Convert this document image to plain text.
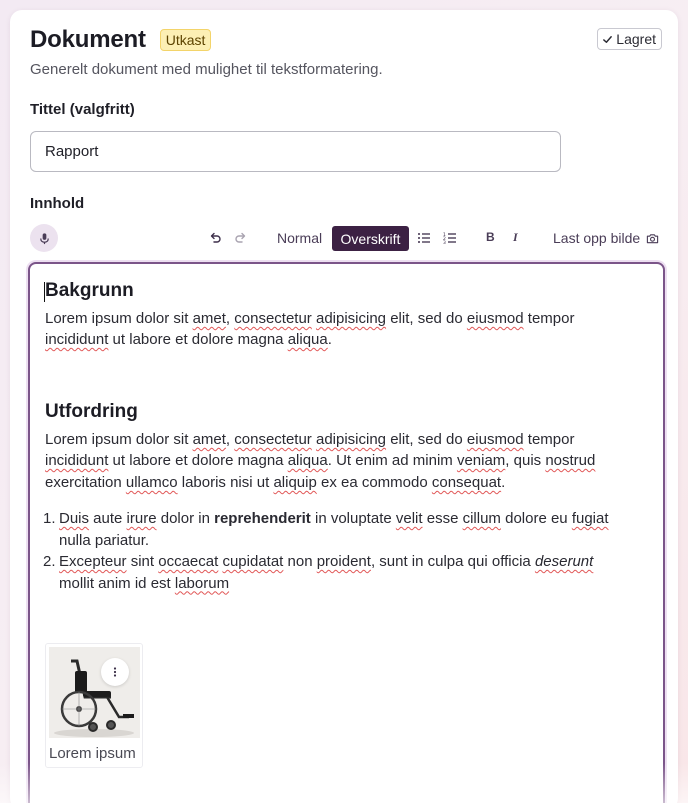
Dokument	Utkast	Lagret
Generelt dokument med mulighet til tekstformatering.
Tittel (valgfritt)
Rapport
Innhold
Normal	Overskrift	1
2
3	B I	Last opp bilde
Bakgrunn
Lorem ipsum dolor sit amet, consectetur adipisicing elit, sed do eiusmod tempor
incididunt ut labore et dolore magna aliqua.
Utfordring
Lorem ipsum dolor sit amet, consectetur adipisicing elit, sed do eiusmod tempor
incididunt ut labore et dolore magna aliqua. Ut enim ad minim veniam, quis nostrud
exercitation ullamco laboris nisi ut aliquip ex ea commodo consequat.
1. Duis aute irure dolor in reprehenderit in voluptate velit esse cillum dolore eu fugiat
nulla pariatur.
2. Excepteur sint occaecat cupidatat non proident, sunt in culpa qui officia deserunt
mollit anim id est laborum
Lorem ipsum
